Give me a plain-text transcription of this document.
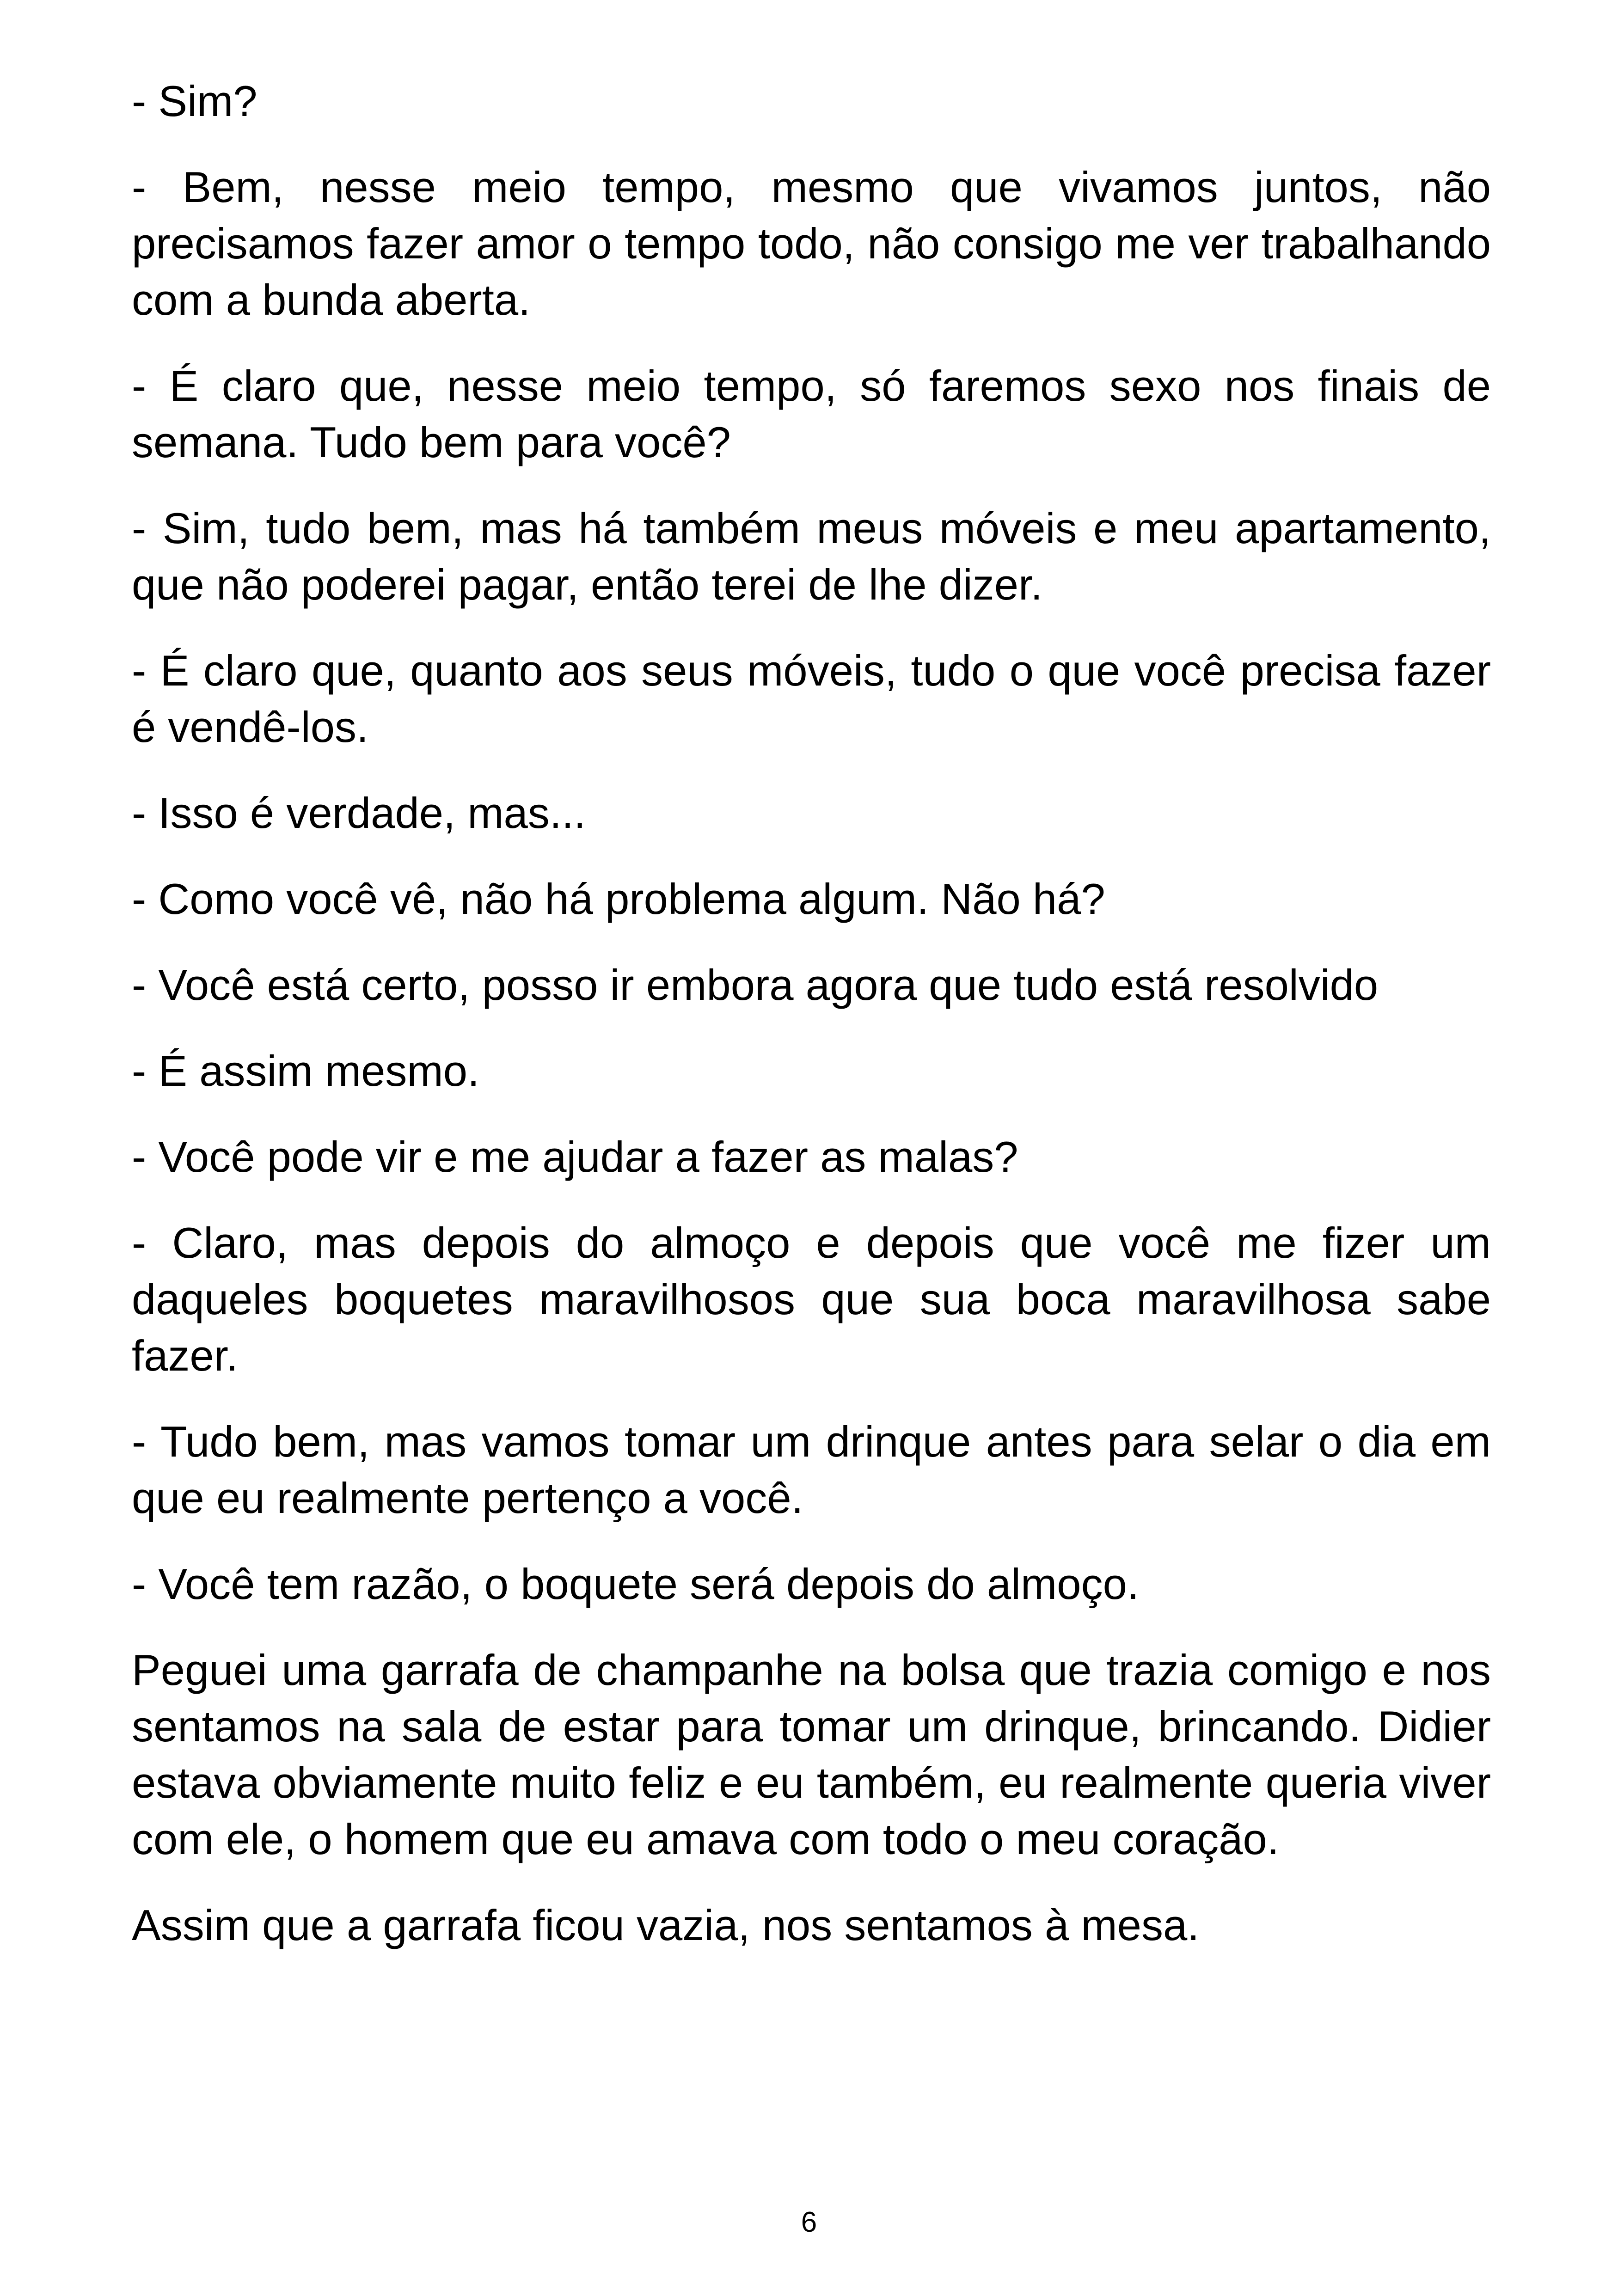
- Sim?

- Bem, nesse meio tempo, mesmo que vivamos juntos, não precisamos fazer amor o tempo todo, não consigo me ver trabalhando com a bunda aberta.

- É claro que, nesse meio tempo, só faremos sexo nos finais de semana. Tudo bem para você?

- Sim, tudo bem, mas há também meus móveis e meu apartamento, que não poderei pagar, então terei de lhe dizer.

- É claro que, quanto aos seus móveis, tudo o que você precisa fazer é vendê-los.

- Isso é verdade, mas...

- Como você vê, não há problema algum. Não há?

- Você está certo, posso ir embora agora que tudo está resolvido

- É assim mesmo.

- Você pode vir e me ajudar a fazer as malas?

- Claro, mas depois do almoço e depois que você me fizer um daqueles boquetes maravilhosos que sua boca maravilhosa sabe fazer.

- Tudo bem, mas vamos tomar um drinque antes para selar o dia em que eu realmente pertenço a você.

- Você tem razão, o boquete será depois do almoço.

Peguei uma garrafa de champanhe na bolsa que trazia comigo e nos sentamos na sala de estar para tomar um drinque, brincando. Didier estava obviamente muito feliz e eu também, eu realmente queria viver com ele, o homem que eu amava com todo o meu coração.

Assim que a garrafa ficou vazia, nos sentamos à mesa.

6
